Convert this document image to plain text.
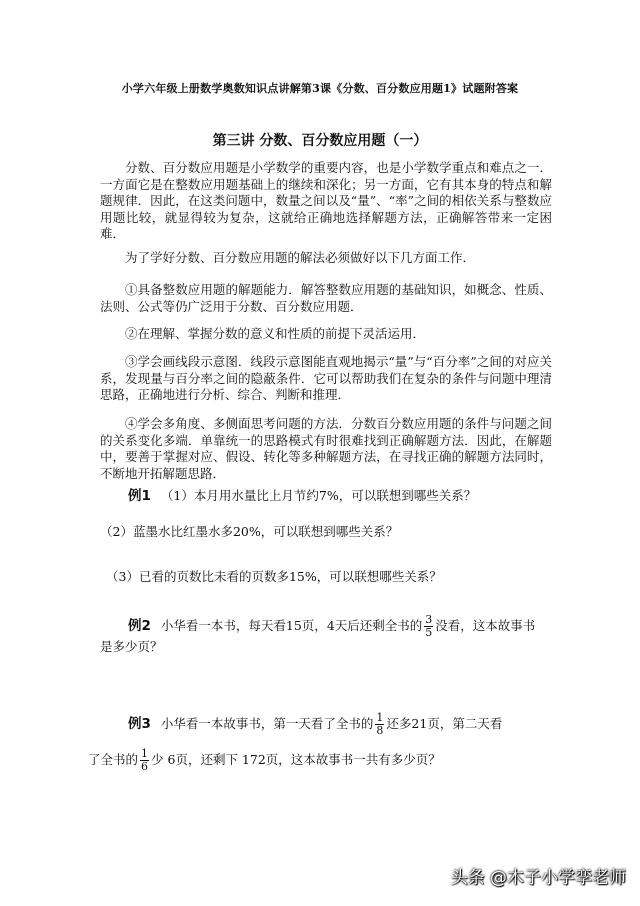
小学六年级上册数学奥数知识点讲解第3课《分数、百分数应用题1》试题附答案
第三讲 分数、百分数应用题（一）

分数、百分数应用题是小学数学的重要内容，也是小学数学重点和难点之一．一方面它是在整数应用题基础上的继续和深化；另一方面，它有其本身的特点和解题规律．因此，在这类问题中，数量之间以及“量”、“率”之间的相依关系与整数应用题比较，就显得较为复杂，这就给正确地选择解题方法，正确解答带来一定困难．

为了学好分数、百分数应用题的解法必须做好以下几方面工作．

①具备整数应用题的解题能力．解答整数应用题的基础知识，如概念、性质、法则、公式等仍广泛用于分数、百分数应用题．

②在理解、掌握分数的意义和性质的前提下灵活运用．

③学会画线段示意图．线段示意图能直观地揭示“量”与“百分率”之间的对应关系，发现量与百分率之间的隐蔽条件．它可以帮助我们在复杂的条件与问题中理清思路，正确地进行分析、综合、判断和推理．

④学会多角度、多侧面思考问题的方法．分数百分数应用题的条件与问题之间的关系变化多端．单靠统一的思路模式有时很难找到正确解题方法．因此，在解题中，要善于掌握对应、假设、转化等多种解题方法，在寻找正确的解题方法同时，不断地开拓解题思路．

例1 （1）本月用水量比上月节约7%，可以联想到哪些关系？

（2）蓝墨水比红墨水多20%，可以联想到哪些关系？

（3）已看的页数比未看的页数多15%，可以联想哪些关系？

例2 小华看一本书，每天看15页，4天后还剩全书的 $\frac{3}{5}$ 没看，这本故事书

是多少页？

例3 小华看一本故事书，第一天看了全书的 $\frac{1}{8}$ 还多21页，第二天看

了全书的 $\frac{1}{6}$ 少 6页，还剩下 172页，这本故事书一共有多少页？

头条 @木子小学孪老师
